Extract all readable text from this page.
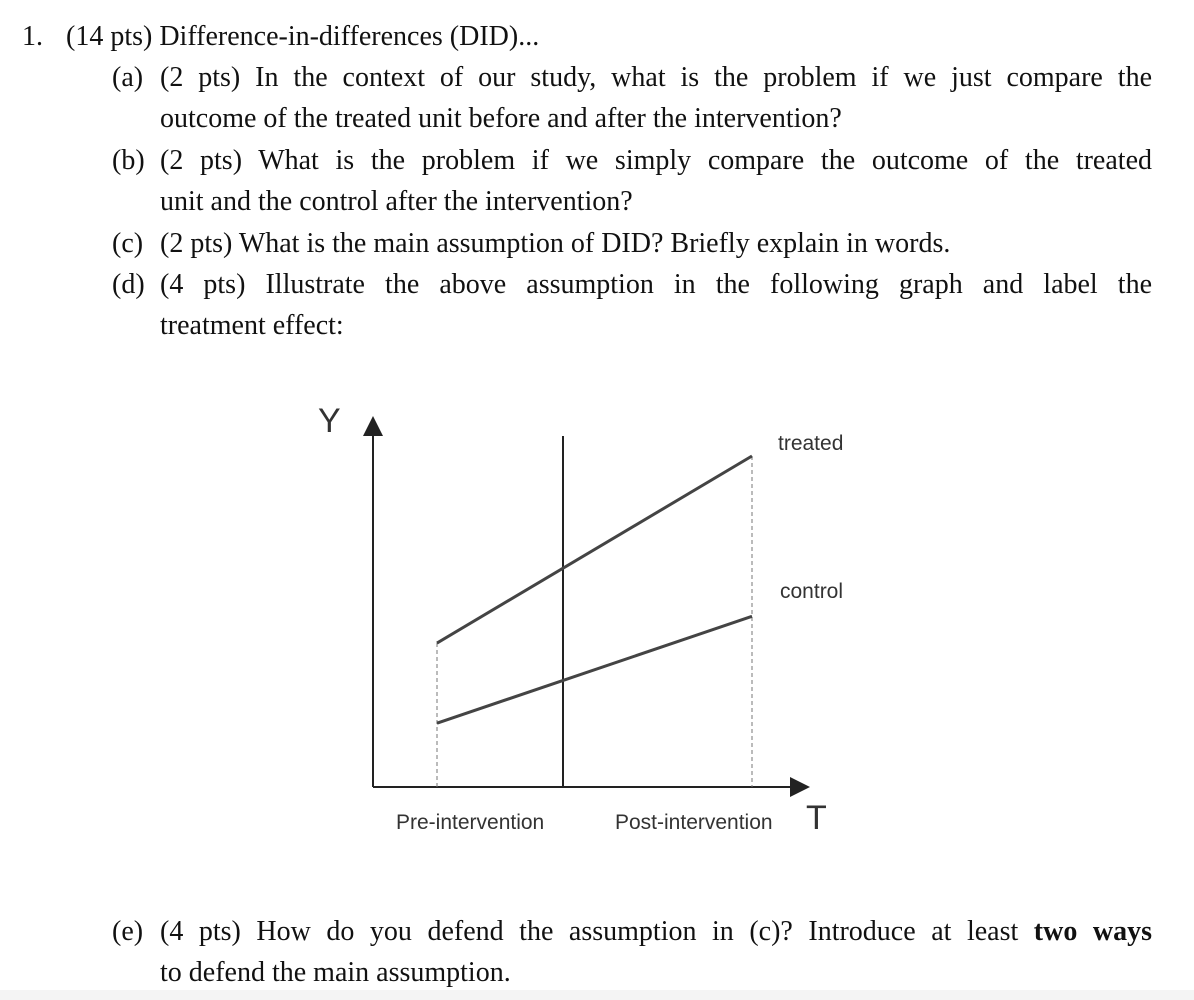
1. (14 pts) Difference-in-differences (DID)...
(a) (2 pts) In the context of our study, what is the problem if we just compare the
outcome of the treated unit before and after the intervention?
(b) (2 pts) What is the problem if we simply compare the outcome of the treated
unit and the control after the intervention?
(c) (2 pts) What is the main assumption of DID? Briefly explain in words.
(d) (4 pts) Illustrate the above assumption in the following graph and label the
treatment effect:
treated
control
Y
T
Pre-intervention	Post-intervention
(e) (4 pts) How do you defend the assumption in (c)? Introduce at least two ways
to defend the main assumption.
